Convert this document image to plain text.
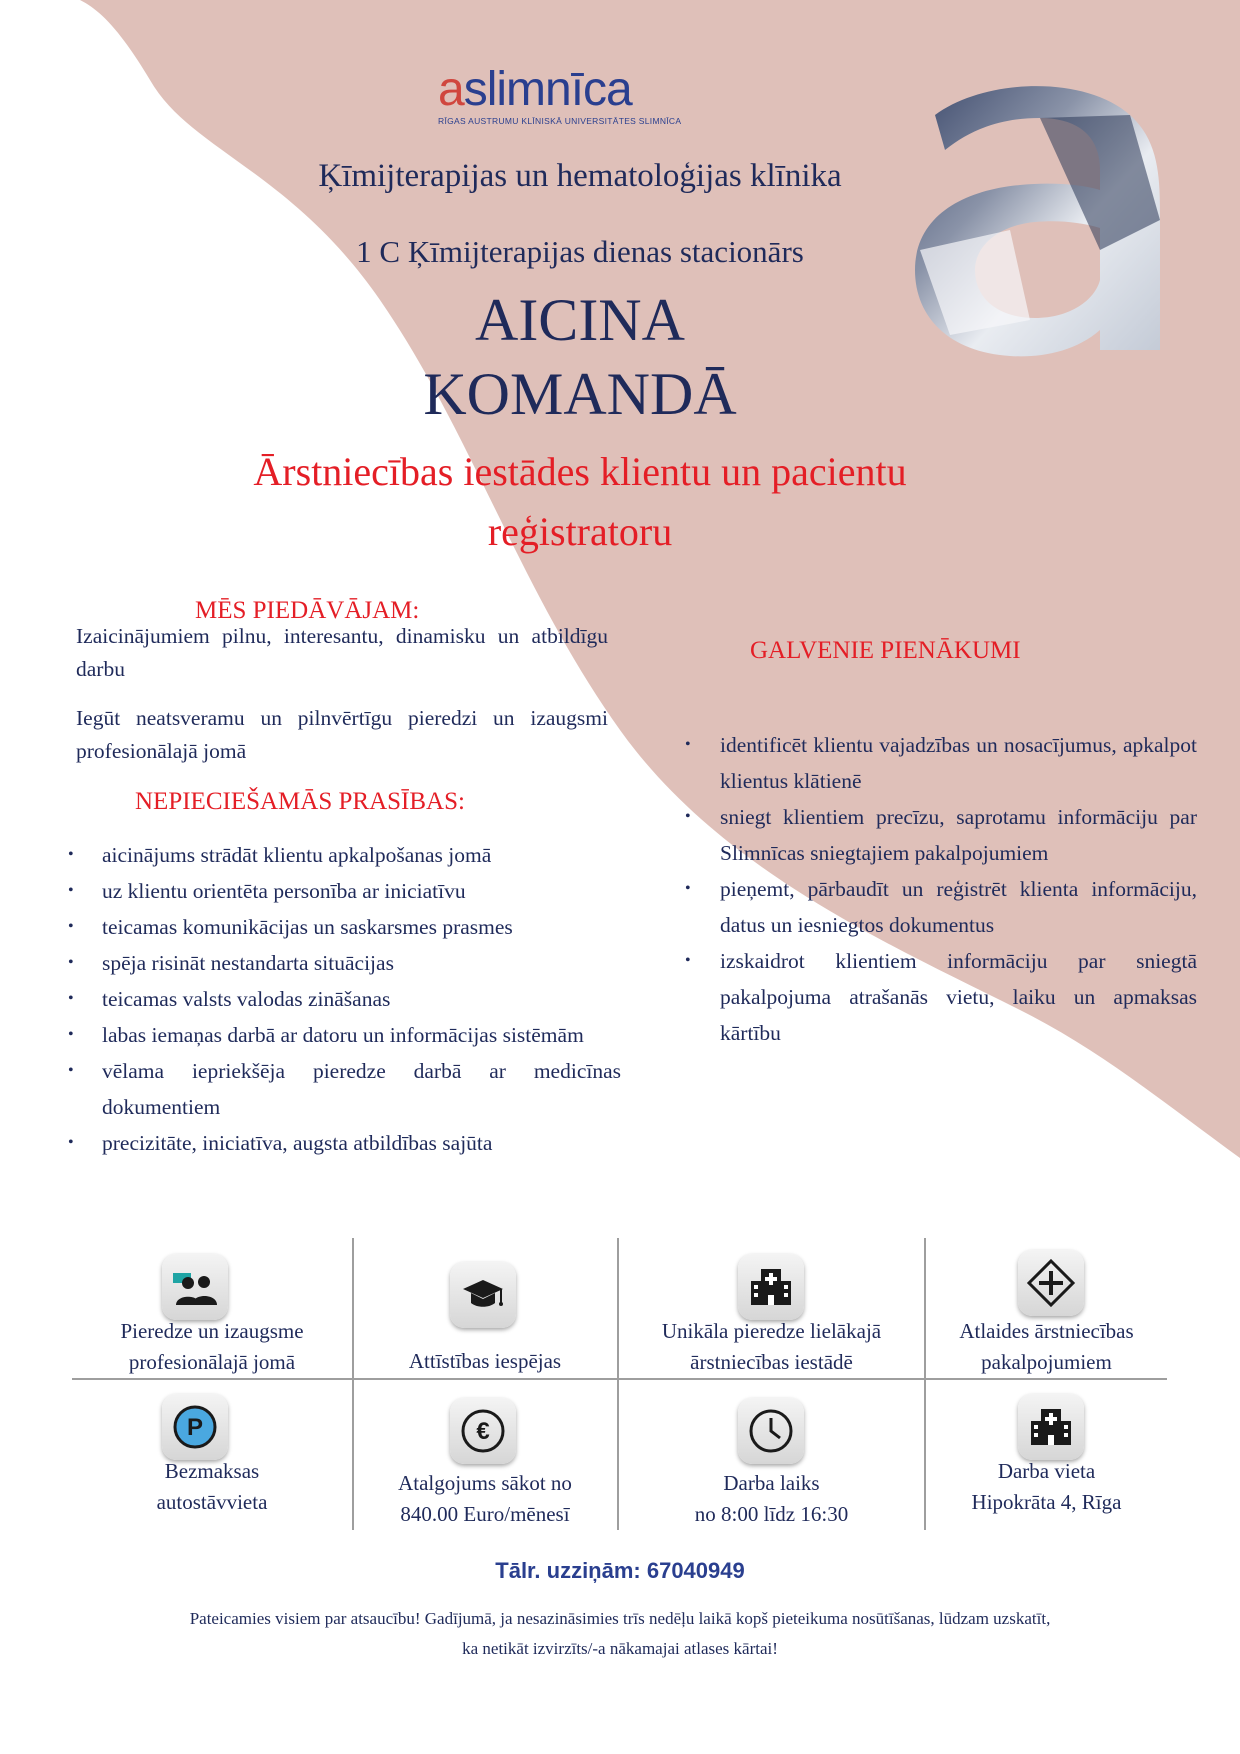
a slimnīca
RĪGAS AUSTRUMU KLĪNISKĀ UNIVERSITĀTES SLIMNĪCA
Ķīmijterapijas un hematoloģijas klīnika
1 C Ķīmijterapijas dienas stacionārs
AICINA
KOMANDĀ
Ārstniecības iestādes klientu un pacientu
reģistratoru
MĒS PIEDĀVĀJAM:
Izaicinājumiem pilnu, interesantu, dinamisku un atbildīgu darbu
Iegūt neatsveramu un pilnvērtīgu pieredzi un izaugsmi profesionālajā jomā
NEPIECIEŠAMĀS PRASĪBAS:
• aicinājums strādāt klientu apkalpošanas jomā
• uz klientu orientēta personība ar iniciatīvu
• teicamas komunikācijas un saskarsmes prasmes
• spēja risināt nestandarta situācijas
• teicamas valsts valodas zināšanas
• labas iemaņas darbā ar datoru un informācijas sistēmām
• vēlama iepriekšēja pieredze darbā ar medicīnas dokumentiem
• precizitāte, iniciatīva, augsta atbildības sajūta
GALVENIE PIENĀKUMI
• identificēt klientu vajadzības un nosacījumus, apkalpot klientus klātienē
• sniegt klientiem precīzu, saprotamu informāciju par Slimnīcas sniegtajiem pakalpojumiem
• pieņemt, pārbaudīt un reģistrēt klienta informāciju, datus un iesniegtos dokumentus
• izskaidrot klientiem informāciju par sniegtā pakalpojuma atrašanās vietu, laiku un apmaksas kārtību
Pieredze un izaugsme
profesionālajā jomā	Attīstības iespējas
Unikāla pieredze lielākajā
ārstniecības iestādē
Atlaides ārstniecības
pakalpojumiem
P
Bezmaksas
autostāvvieta
€
Atalgojums sākot no
840.00 Euro/mēnesī
Darba laiks
no 8:00 līdz 16:30
Darba vieta
Hipokrāta 4, Rīga
Tālr. uzziņām: 67040949
Pateicamies visiem par atsaucību! Gadījumā, ja nesazināsimies trīs nedēļu laikā kopš pieteikuma nosūtīšanas, lūdzam uzskatīt,
ka netikāt izvirzīts/-a nākamajai atlases kārtai!
